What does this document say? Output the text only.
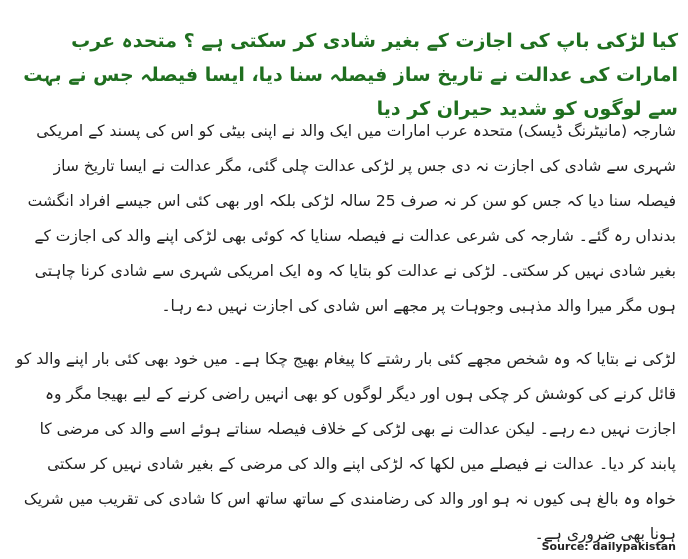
کیا لڑکی باپ کی اجازت کے بغیر شادی کر سکتی ہے ؟ متحدہ عرب امارات کی عدالت نے تاریخ ساز فیصلہ سنا دیا، ایسا فیصلہ جس نے بہت سے لوگوں کو شدید حیران کر دیا

شارجہ (مانیٹرنگ ڈیسک) متحدہ عرب امارات میں ایک والد نے اپنی بیٹی کو اس کی پسند کے امریکی شہری سے شادی کی اجازت نہ دی جس پر لڑکی عدالت چلی گئی، مگر عدالت نے ایسا تاریخ ساز فیصلہ سنا دیا کہ جس کو سن کر نہ صرف 25 سالہ لڑکی بلکہ اور بھی کئی اس جیسے افراد انگشت بدنداں رہ گئے۔ شارجہ کی شرعی عدالت نے فیصلہ سنایا کہ کوئی بھی لڑکی اپنے والد کی اجازت کے بغیر شادی نہیں کر سکتی۔ لڑکی نے عدالت کو بتایا کہ وہ ایک امریکی شہری سے شادی کرنا چاہتی ہوں مگر میرا والد مذہبی وجوہات پر مجھے اس شادی کی اجازت نہیں دے رہا۔

لڑکی نے بتایا کہ وہ شخص مجھے کئی بار رشتے کا پیغام بھیج چکا ہے۔ میں خود بھی کئی بار اپنے والد کو قائل کرنے کی کوشش کر چکی ہوں اور دیگر لوگوں کو بھی انہیں راضی کرنے کے لیے بھیجا مگر وہ اجازت نہیں دے رہے۔ لیکن عدالت نے بھی لڑکی کے خلاف فیصلہ سناتے ہوئے اسے والد کی مرضی کا پابند کر دیا۔ عدالت نے فیصلے میں لکھا کہ لڑکی اپنے والد کی مرضی کے بغیر شادی نہیں کر سکتی خواہ وہ بالغ ہی کیوں نہ ہو اور والد کی رضامندی کے ساتھ ساتھ اس کا شادی کی تقریب میں شریک ہونا بھی ضروری ہے۔

Source: dailypakistan
